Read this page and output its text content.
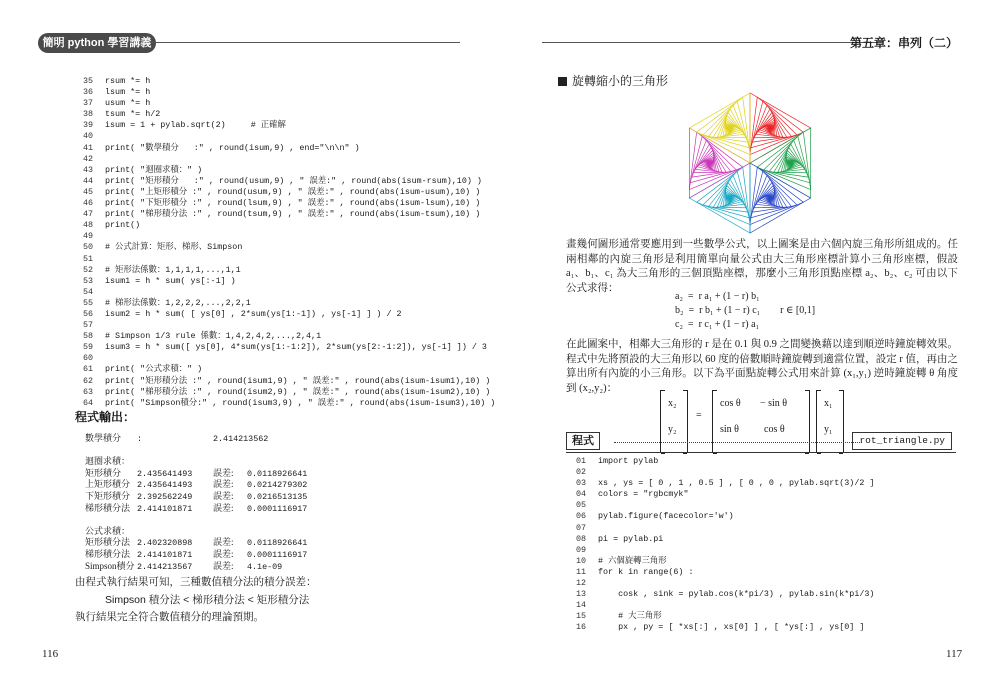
簡明 python 學習講義
35 rsum *= h
36 lsum *= h
37 usum *= h
38 tsum *= h/2
39 isum = 1 + pylab.sqrt(2)     # 正確解
40
41 print( "數學積分   :" , round(isum,9) , end="\n\n" )
42
43 print( "迴圈求積：" )
44 print( "矩形積分   :" , round(usum,9) , " 誤差:" , round(abs(isum-rsum),10) )
45 print( "上矩形積分 :" , round(usum,9) , " 誤差:" , round(abs(isum-usum),10) )
46 print( "下矩形積分 :" , round(lsum,9) , " 誤差:" , round(abs(isum-lsum),10) )
47 print( "梯形積分法 :" , round(tsum,9) , " 誤差:" , round(abs(isum-tsum),10) )
48 print()
49
50 # 公式計算：矩形、梯形、Simpson
51
52 # 矩形法係數：1,1,1,1,...,1,1
53 isum1 = h * sum( ys[:-1] )
54
55 # 梯形法係數：1,2,2,2,...,2,2,1
56 isum2 = h * sum( [ ys[0] , 2*sum(ys[1:-1]) , ys[-1] ] ) / 2
57
58 # Simpson 1/3 rule 係數：1,4,2,4,2,...,2,4,1
59 isum3 = h * sum([ ys[0], 4*sum(ys[1:-1:2]), 2*sum(ys[2:-1:2]), ys[-1] ]) / 3
60
61 print( "公式求積：" )
62 print( "矩形積分法 :" , round(isum1,9) , " 誤差:" , round(abs(isum-isum1),10) )
63 print( "梯形積分法 :" , round(isum2,9) , " 誤差:" , round(abs(isum-isum2),10) )
64 print( "Simpson積分:" , round(isum3,9) , " 誤差:" , round(abs(isum-isum3),10) )
程式輸出：
數學積分 :	2.414213562
迴圈求積：
矩形積分 2.435641493 誤差: 0.0118926641
上矩形積分 2.435641493 誤差: 0.0214279302
下矩形積分 2.392562249 誤差: 0.0216513135
梯形積分法 2.414101871 誤差: 0.0001116917
公式求積：
矩形積分法 2.402320898 誤差: 0.0118926641
梯形積分法 2.414101871 誤差: 0.0001116917
Simpson積分 2.414213567 誤差: 4.1e-09
由程式執行結果可知，三種數值積分法的積分誤差：
Simpson 積分法 < 梯形積分法 < 矩形積分法
執行結果完全符合數值積分的理論預期。
116
第五章：串列（二）
旋轉縮小的三角形
畫幾何圖形通常要應用到一些數學公式，以上圖案是由六個內旋三角形所組成的。任兩相鄰的內旋三角形是利用簡單向量公式由大三角形座標計算小三角形座標，假設 a₁、b₁、c₁ 為大三角形的三個頂點座標，那麼小三角形頂點座標 a₂、b₂、c₂ 可由以下公式求得：
a₂  =  r a₁ + (1 − r) b₁
b₂  =  r b₁ + (1 − r) c₁        r ∈ [0,1]
c₂  =  r c₁ + (1 − r) a₁
在此圖案中，相鄰大三角形的 r 是在 0.1 與 0.9 之間變換藉以達到順逆時鐘旋轉效果。程式中先將預設的大三角形以 60 度的倍數順時鐘旋轉到適當位置，設定 r 值，再由之算出所有內旋的小三角形。以下為平面點旋轉公式用來計算 (x₁,y₁) 逆時鐘旋轉 θ 角度到 (x₂,y₂)：
x₂
y₂
=
cos θ − sin θ
sin θ	cos θ
x₁
y₁
程式	rot_triangle.py
01 import pylab
02
03 xs , ys = [ 0 , 1 , 0.5 ] , [ 0 , 0 , pylab.sqrt(3)/2 ]
04 colors = "rgbcmyk"
05
06 pylab.figure(facecolor='w')
07
08 pi = pylab.pi
09
10 # 六個旋轉三角形
11 for k in range(6) :
12
13    cosk , sink = pylab.cos(k*pi/3) , pylab.sin(k*pi/3)
14
15    # 大三角形
16    px , py = [ *xs[:] , xs[0] ] , [ *ys[:] , ys[0] ]
117
